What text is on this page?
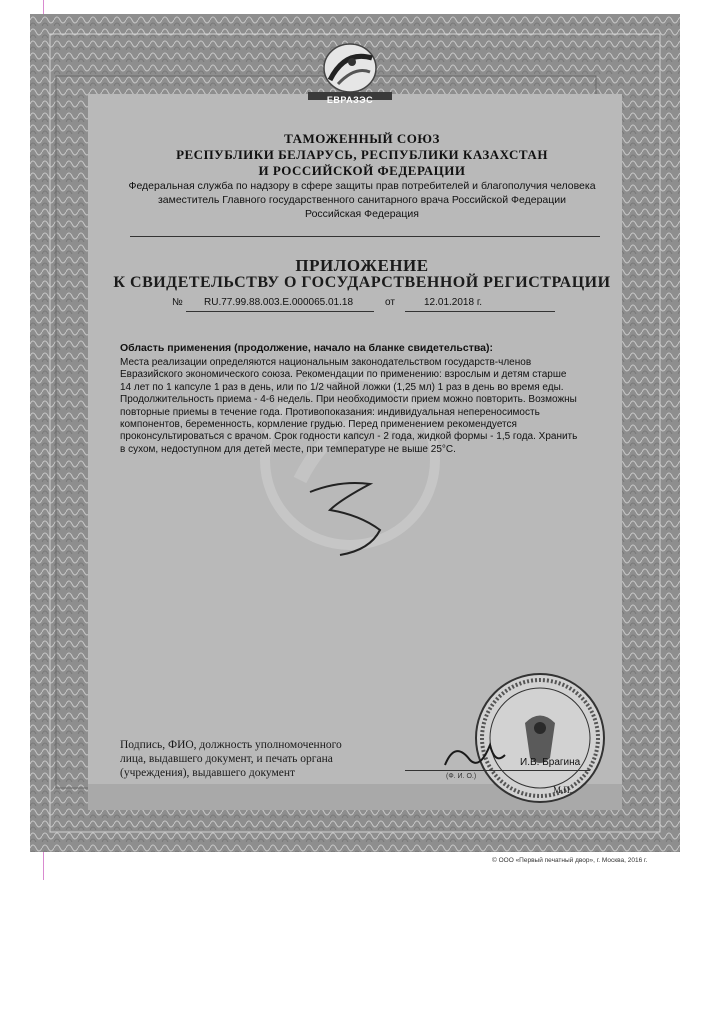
ЕВРАЗЭС
ТАМОЖЕННЫЙ СОЮЗ
РЕСПУБЛИКИ БЕЛАРУСЬ, РЕСПУБЛИКИ КАЗАХСТАН
И РОССИЙСКОЙ ФЕДЕРАЦИИ
Федеральная служба по надзору в сфере защиты прав потребителей и благополучия человека
заместитель Главного государственного санитарного врача Российской Федерации
Российская Федерация
ПРИЛОЖЕНИЕ
К СВИДЕТЕЛЬСТВУ О ГОСУДАРСТВЕННОЙ РЕГИСТРАЦИИ
№ RU.77.99.88.003.E.000065.01.18	от	12.01.2018 г.
Область применения (продолжение, начало на бланке свидетельства):
Места реализации определяются национальным законодательством государств-членов
Евразийского экономического союза. Рекомендации по применению: взрослым и детям старше
14 лет по 1 капсуле 1 раз в день, или по 1/2 чайной ложки (1,25 мл) 1 раз в день во время еды.
Продолжительность приема - 4-6 недель. При необходимости прием можно повторить. Возможны
повторные приемы в течение года. Противопоказания: индивидуальная непереносимость
компонентов, беременность, кормление грудью. Перед применением рекомендуется
проконсультироваться с врачом. Срок годности капсул - 2 года, жидкой формы - 1,5 года. Хранить
в сухом, недоступном для детей месте, при температуре не выше 25°С.
Подпись, ФИО, должность уполномоченного
лица, выдавшего документ, и печать органа
(учреждения), выдавшего документ
И.В. Брагина
(Ф. И. О.)
М.П.
© ООО «Первый печатный двор», г. Москва, 2016 г.
